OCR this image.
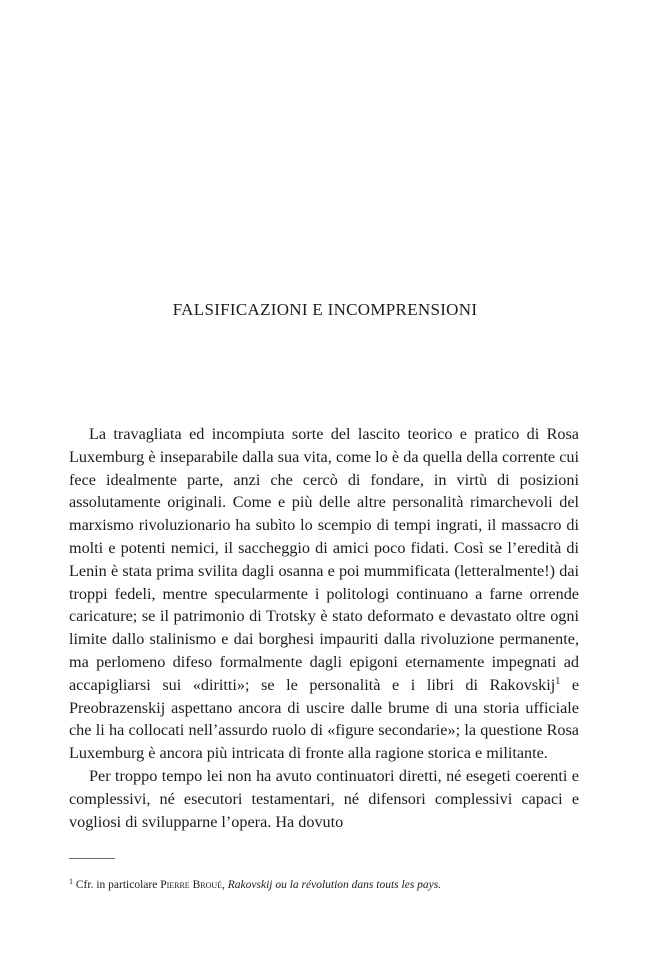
FALSIFICAZIONI E INCOMPRENSIONI

La travagliata ed incompiuta sorte del lascito teorico e pratico di Rosa Luxemburg è inseparabile dalla sua vita, come lo è da quella della corrente cui fece idealmente parte, anzi che cercò di fondare, in virtù di posizioni assolutamente originali. Come e più delle altre personalità rimarchevoli del marxismo rivoluzionario ha subìto lo scempio di tempi ingrati, il massacro di molti e potenti nemici, il saccheggio di amici poco fidati. Così se l’eredità di Lenin è stata prima svilita dagli osanna e poi mummificata (letteralmente!) dai troppi fedeli, mentre specularmente i politologi continuano a farne orrende caricature; se il patrimonio di Trotsky è stato deformato e devastato oltre ogni limite dallo stalinismo e dai borghesi impauriti dalla rivoluzione permanente, ma perlomeno difeso formalmente dagli epigoni eternamente impegnati ad accapigliarsi sui «diritti»; se le personalità e i libri di Rakovskij$^1$ e Preobrazenskij aspettano ancora di uscire dalle brume di una storia ufficiale che li ha collocati nell’assurdo ruolo di «figure secondarie»; la questione Rosa Luxemburg è ancora più intricata di fronte alla ragione storica e militante.

Per troppo tempo lei non ha avuto continuatori diretti, né esegeti coerenti e complessivi, né esecutori testamentari, né difensori complessivi capaci e vogliosi di svilupparne l’opera. Ha dovuto

$^1$ Cfr. in particolare Pierre Broué, Rakovskij ou la révolution dans touts les pays.
